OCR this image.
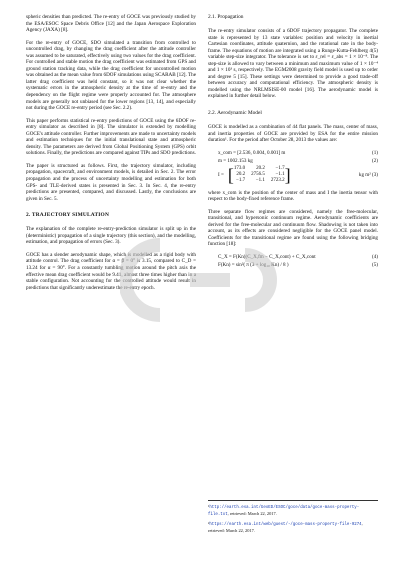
spheric densities than predicted. The re-entry of GOCE was previously studied by the ESA/ESOC Space Debris Office [12] and the Japan Aerospace Exploration Agency (JAXA) [8].

For the re-entry of GOCE, SDO simulated a transition from controlled to uncontrolled drag, by changing the drag coefficient after the attitude controller was assumed to be saturated, effectively using two values for the drag coefficient. For controlled and stable motion the drag coefficient was estimated from GPS and ground station tracking data, while the drag coefficient for uncontrolled motion was obtained as the mean value from 6DOF simulations using SCARAB [12]. The latter drag coefficient was held constant, so it was not clear whether the systematic errors in the atmospheric density at the time of re-entry and the dependency on the flight regime were properly accounted for. The atmosphere models are generally not unbiased for the lower regions [13, 14], and especially not during the GOCE re-entry period (see Sec. 2.2).

This paper performs statistical re-entry predictions of GOCE using the 6DOF re-entry simulator as described in [8]. The simulator is extended by modelling GOCE's attitude controller. Further improvements are made to uncertainty models and estimation techniques for the initial translational state and atmospheric density. The parameters are derived from Global Positioning System (GPS) orbit solutions. Finally, the predictions are compared against TIPs and SDO predictions.

The paper is structured as follows. First, the trajectory simulator, including propagation, spacecraft, and environment models, is detailed in Sec. 2. The error propagation and the process of uncertainty modelling and estimation for both GPS- and TLE-derived states is presented in Sec. 3. In Sec. 4, the re-entry predictions are presented, compared, and discussed. Lastly, the conclusions are given in Sec. 5.

2. TRAJECTORY SIMULATION

The explanation of the complete re-entry-prediction simulator is split up in the (deterministic) propagation of a single trajectory (this section), and the modelling, estimation, and propagation of errors (Sec. 3).

GOCE has a slender aerodynamic shape, which is modelled as a rigid body with attitude control. The drag coefficient for α = β = 0° is 3.15, compared to C_D = 13.24 for α = 90°. For a constantly tumbling motion around the pitch axis the effective mean drag coefficient would be 9.41, almost three times higher than in a stable configuration. Not accounting for the controlled attitude would result in predictions that significantly underestimate the re-entry epoch.

2.1. Propagation

The re-entry simulator consists of a 6DOF trajectory propagator. The complete state is represented by 13 state variables: position and velocity in inertial Cartesian coordinates, attitude quaternion, and the rotational rate in the body-frame. The equations of motion are integrated using a Runge-Kutta-Fehlberg 4(5) variable step-size integrator. The tolerance is set to ε_rel = ε_abs = 1 × 10⁻⁸. The step-size is allowed to vary between a minimum and maximum value of 1 × 10⁻⁴ and 1 × 10³ s, respectively. The EGM2008 gravity field model is used up to order and degree 5 [15]. These settings were determined to provide a good trade-off between accuracy and computational efficiency. The atmospheric density is modelled using the NRLMSISE-00 model [16]. The aerodynamic model is explained in further detail below.

2.2. Aerodynamic Model

GOCE is modelled as a combination of 44 flat panels. The mass, center of mass, and inertia properties of GOCE are provided by ESA for the entire mission duration¹. For the period after October 28, 2013 the values are:

x_com = [2.536, 0.004, 0.001] m	(1)
m = 1002.153 kg	(2)
I = [ 173.0	20.2	−1.7
20.2 2756.5	−1.1
−1.7	−1.1 2723.2 ]	kg m² (3)

where x_com is the position of the center of mass and I the inertia tensor with respect to the body-fixed reference frame.

Three separate flow regimes are considered, namely the free-molecular, transitional, and hypersonic continuum regime. Aerodynamic coefficients are derived for the free-molecular and continuum flow. Shadowing is not taken into account, as its effects are considered negligible for the GOCE panel model. Coefficients for the transitional regime are found using the following bridging function [18]:

C_X = F(Kn)(C_X,fm − C_X,cont) + C_X,cont	(4)
F(Kn) = sin²( π (3 + log₁₀ Kn) / 8 )	(5)

¹http://earth.esa.int/GeoED/ESOC/goce/data/goce-mass-property-file.txt, retrieved: March 22, 2017.

²https://earth.esa.int/web/guest/-/goce-mass-property-file-9274, retrieved: March 22, 2017.
